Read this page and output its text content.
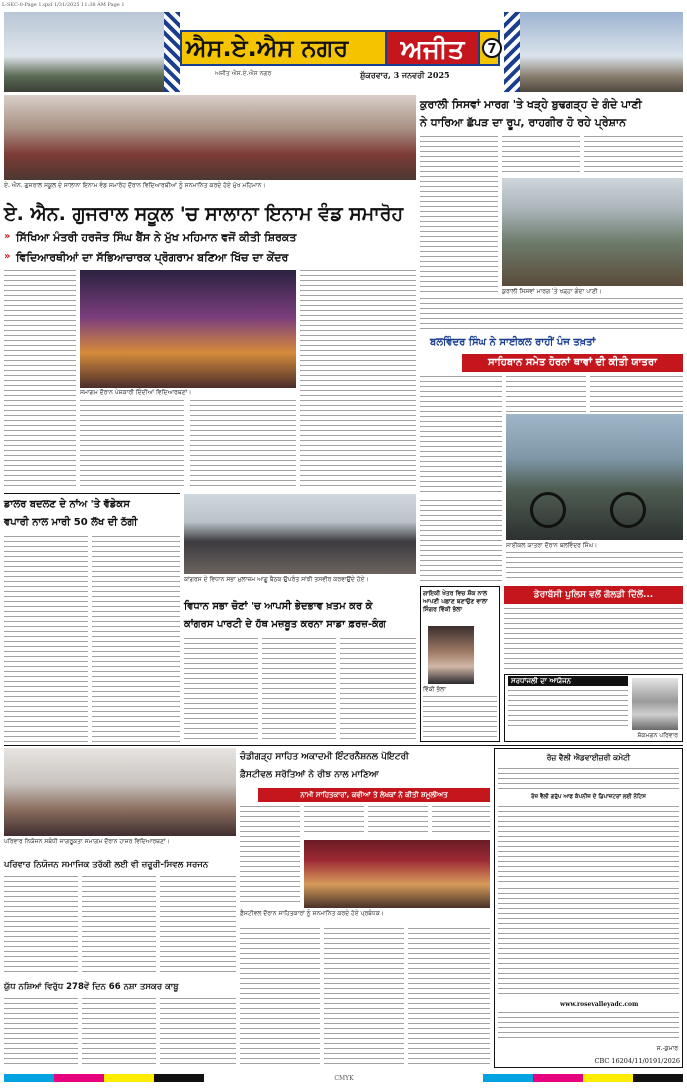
L-SEC-0-Page 1.qxd 1/31/2025 11:38 AM Page 1
ਐਸ.ਏ.ਐਸ ਨਗਰ	ਅਜੀਤ	7
ਅਜੀਤ ਐਸ.ਏ.ਐਸ ਨਗਰ	ਸ਼ੁੱਕਰਵਾਰ, 3 ਜਨਵਰੀ 2025
ਏ. ਐਨ. ਗੁਜਰਾਲ ਸਕੂਲ ਦੇ ਸਾਲਾਨਾ ਇਨਾਮ ਵੰਡ ਸਮਾਰੋਹ ਦੌਰਾਨ ਵਿਦਿਆਰਥੀਆਂ ਨੂੰ ਸਨਮਾਨਿਤ ਕਰਦੇ ਹੋਏ ਮੁੱਖ ਮਹਿਮਾਨ।
ਏ. ਐਨ. ਗੁਜਰਾਲ ਸਕੂਲ 'ਚ ਸਾਲਾਨਾ ਇਨਾਮ ਵੰਡ ਸਮਾਰੋਹ
» ਸਿੱਖਿਆ ਮੰਤਰੀ ਹਰਜੋਤ ਸਿੰਘ ਬੈਂਸ ਨੇ ਮੁੱਖ ਮਹਿਮਾਨ ਵਜੋਂ ਕੀਤੀ ਸ਼ਿਰਕਤ
» ਵਿਦਿਆਰਥੀਆਂ ਦਾ ਸੱਭਿਆਚਾਰਕ ਪ੍ਰੋਗਰਾਮ ਬਣਿਆ ਖਿੱਚ ਦਾ ਕੇਂਦਰ
ਸਮਾਗਮ ਦੌਰਾਨ ਪੇਸ਼ਕਾਰੀ ਦਿੰਦੀਆਂ ਵਿਦਿਆਰਥਣਾਂ।
ਕੁਰਾਲੀ ਸਿਸਵਾਂ ਮਾਰਗ 'ਤੇ ਖੜ੍ਹੇ ਬੁਢਗੜ੍ਹ ਦੇ ਗੰਦੇ ਪਾਣੀ
ਨੇ ਧਾਰਿਆ ਛੱਪੜ ਦਾ ਰੂਪ, ਰਾਹਗੀਰ ਹੋ ਰਹੇ ਪ੍ਰੇਸ਼ਾਨ
ਕੁਰਾਲੀ ਸਿਸਵਾਂ ਮਾਰਗ 'ਤੇ ਖੜ੍ਹਾ ਗੰਦਾ ਪਾਣੀ।
ਬਲਵਿੰਦਰ ਸਿੰਘ ਨੇ ਸਾਈਕਲ ਰਾਹੀਂ ਪੰਜ ਤਖ਼ਤਾਂ
ਸਾਹਿਬਾਨ ਸਮੇਤ ਹੋਰਨਾਂ ਥਾਵਾਂ ਦੀ ਕੀਤੀ ਯਾਤਰਾ
ਸਾਈਕਲ ਯਾਤਰਾ ਦੌਰਾਨ ਬਲਵਿੰਦਰ ਸਿੰਘ।
ਡਾਲਰ ਬਦਲਣ ਦੇ ਨਾਂਅ 'ਤੇ ਵੱਡੇਕਸ
ਵਪਾਰੀ ਨਾਲ ਮਾਰੀ 50 ਲੱਖ ਦੀ ਠੱਗੀ
ਕਾਂਗਰਸ ਦੇ ਵਿਧਾਨ ਸਭਾ ਮੁਲਾਜ਼ਮ ਆਗੂ ਬੈਠਕ ਉਪਰੰਤ ਸਾਂਝੀ ਤਸਵੀਰ ਕਰਵਾਉਂਦੇ ਹੋਏ।
ਵਿਧਾਨ ਸਭਾ ਚੋਣਾਂ 'ਚ ਆਪਸੀ ਭੇਦਭਾਵ ਖ਼ਤਮ ਕਰ ਕੇ
ਕਾਂਗਰਸ ਪਾਰਟੀ ਦੇ ਹੱਥ ਮਜ਼ਬੂਤ ਕਰਨਾ ਸਾਡਾ ਫ਼ਰਜ਼-ਕੰਗ
ਗਾਇਕੀ ਖੇਤਰ ਵਿਚ ਸ਼ੌਕ ਨਾਲ ਆਪਣੀ ਪਛਾਣ ਬਣਾਉਣ ਵਾਲਾ ਸਿੰਗਰ ਵਿੱਕੀ ਭੱਲਾ
ਵਿੱਕੀ ਭੱਲਾ
ਡੇਰਾਬੱਸੀ ਪੁਲਿਸ ਵਲੋਂ ਗੋਲਡੀ ਦਿੱਲੋਂ...
ਸਰਧਾਂਜਲੀ ਦਾ ਆਯੋਜਨ
ਸ਼ੋਕਮਗਨ ਪਰਿਵਾਰ
ਪਰਿਵਾਰ ਨਿਯੋਜਨ ਸਬੰਧੀ ਜਾਗਰੂਕਤਾ ਸਮਾਗਮ ਦੌਰਾਨ ਹਾਜ਼ਰ ਵਿਦਿਆਰਥਣਾਂ।
ਪਰਿਵਾਰ ਨਿਯੋਜਨ ਸਮਾਜਿਕ ਤਰੱਕੀ ਲਈ ਵੀ ਜ਼ਰੂਰੀ-ਸਿਵਲ ਸਰਜਨ
ਯੁੱਧ ਨਸ਼ਿਆਂ ਵਿਰੁੱਧ 278ਵੇਂ ਦਿਨ 66 ਨਸ਼ਾ ਤਸਕਰ ਕਾਬੂ
ਚੰਡੀਗੜ੍ਹ ਸਾਹਿਤ ਅਕਾਦਮੀ ਇੰਟਰਨੈਸ਼ਨਲ ਪੋਇਟਰੀ
ਫ਼ੈਸਟੀਵਲ ਸਰੋਤਿਆਂ ਨੇ ਰੀਝ ਨਾਲ ਮਾਣਿਆ
ਨਾਮੀ ਸਾਹਿਤਕਾਰਾਂ, ਕਵੀਆਂ ਤੇ ਲੇਖਕਾਂ ਨੇ ਕੀਤੀ ਸ਼ਮੂਲੀਅਤ
ਫ਼ੈਸਟੀਵਲ ਦੌਰਾਨ ਸਾਹਿਤਕਾਰਾਂ ਨੂੰ ਸਨਮਾਨਿਤ ਕਰਦੇ ਹੋਏ ਪ੍ਰਬੰਧਕ।
ਰੋਜ਼ ਵੈਲੀ ਐਡਵਾਈਜ਼ਰੀ ਕਮੇਟੀ
ਰੋਜ਼ ਵੈਲੀ ਗਰੁੱਪ ਆਫ ਕੰਪਨੀਜ਼ ਦੇ ਡਿਪਾਜ਼ਟਰਾਂ ਲਈ ਨੋਟਿਸ
www.rosevalleyadc.com
ਸ.-ਕੁਮਾਰ
CBC 16204/11/0191/2026
CMYK
